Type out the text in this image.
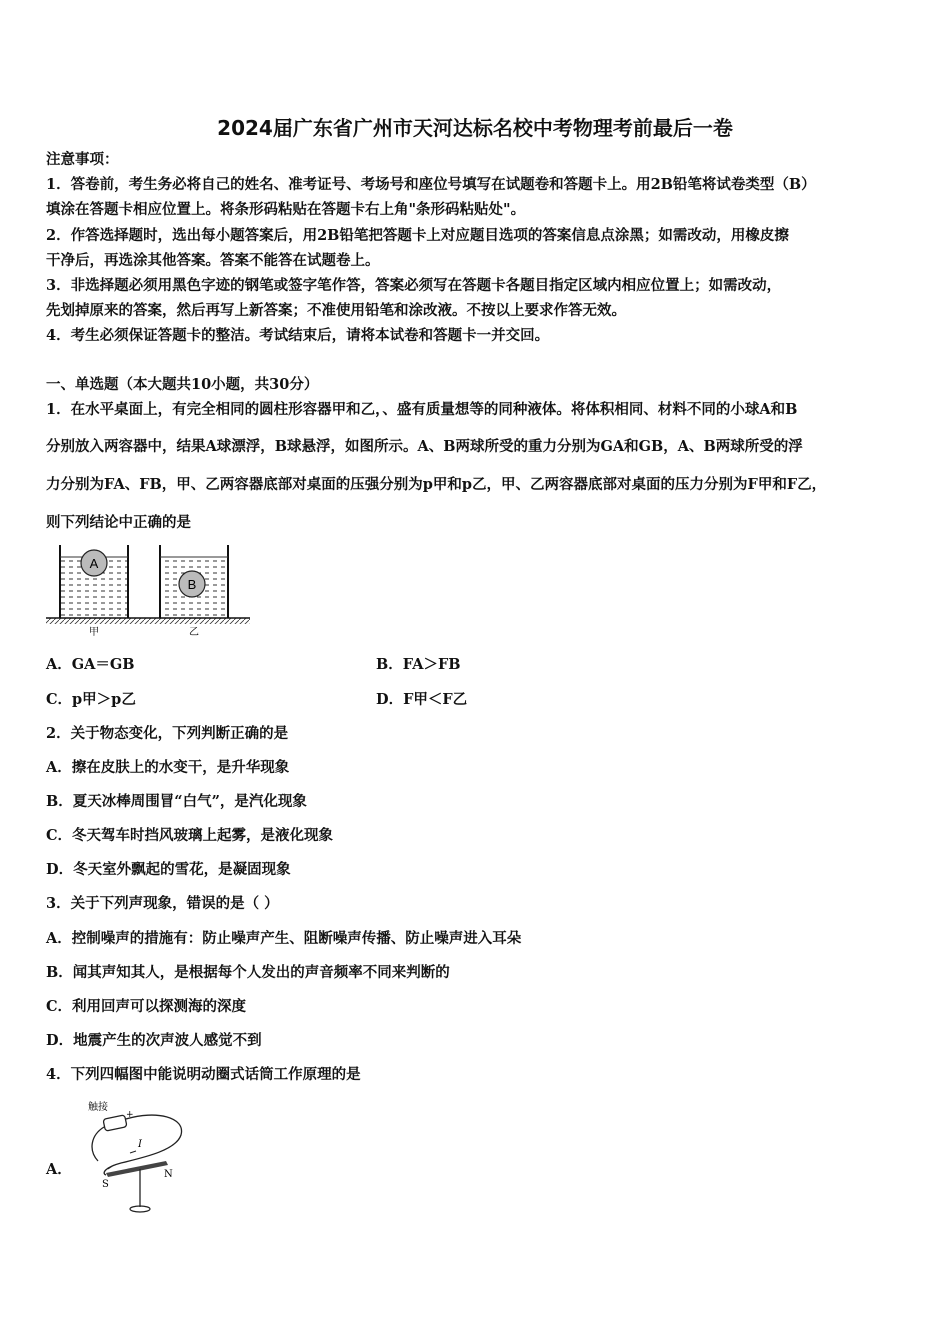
2024届广东省广州市天河达标名校中考物理考前最后一卷
注意事项：
1．答卷前，考生务必将自己的姓名、准考证号、考场号和座位号填写在试题卷和答题卡上。用2B铅笔将试卷类型（B）
填涂在答题卡相应位置上。将条形码粘贴在答题卡右上角"条形码粘贴处"。
2．作答选择题时，选出每小题答案后，用2B铅笔把答题卡上对应题目选项的答案信息点涂黑；如需改动，用橡皮擦
干净后，再选涂其他答案。答案不能答在试题卷上。
3．非选择题必须用黑色字迹的钢笔或签字笔作答，答案必须写在答题卡各题目指定区域内相应位置上；如需改动，
先划掉原来的答案，然后再写上新答案；不准使用铅笔和涂改液。不按以上要求作答无效。
4．考生必须保证答题卡的整洁。考试结束后，请将本试卷和答题卡一并交回。
一、单选题（本大题共10小题，共30分）
1．在水平桌面上，有完全相同的圆柱形容器甲和乙，、盛有质量想等的同种液体。将体积相同、材料不同的小球A和B
分别放入两容器中，结果A球漂浮，B球悬浮，如图所示。A、B两球所受的重力分别为GA和GB，A、B两球所受的浮
力分别为FA、FB，甲、乙两容器底部对桌面的压强分别为p甲和p乙，甲、乙两容器底部对桌面的压力分别为F甲和F乙，
则下列结论中正确的是
A
B
甲	乙
A．GA＝GB	B．FA＞FB
C．p甲＞p乙	D．F甲＜F乙
2．关于物态变化，下列判断正确的是
A．擦在皮肤上的水变干，是升华现象
B．夏天冰棒周围冒“白气”，是汽化现象
C．冬天驾车时挡风玻璃上起雾，是液化现象
D．冬天室外飘起的雪花，是凝固现象
3．关于下列声现象，错误的是（ ）
A．控制噪声的措施有：防止噪声产生、阻断噪声传播、防止噪声进入耳朵
B．闻其声知其人，是根据每个人发出的声音频率不同来判断的
C．利用回声可以探测海的深度
D．地震产生的次声波人感觉不到
4．下列四幅图中能说明动圈式话筒工作原理的是
A．
触接
+
I
S
N
